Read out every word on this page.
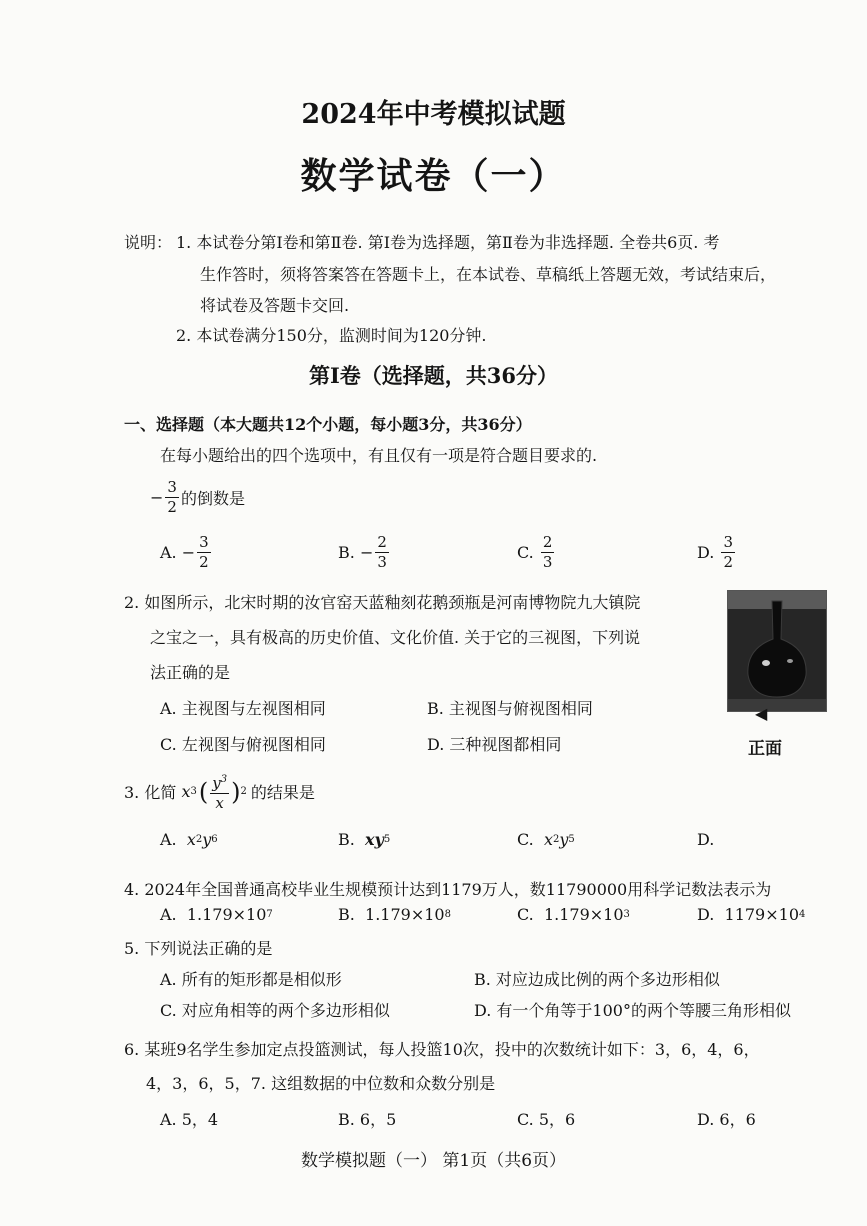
2024年中考模拟试题
数学试卷（一）
说明： 1. 本试卷分第Ⅰ卷和第Ⅱ卷. 第Ⅰ卷为选择题，第Ⅱ卷为非选择题. 全卷共6页. 考
生作答时，须将答案答在答题卡上，在本试卷、草稿纸上答题无效，考试结束后，
将试卷及答题卡交回.
2. 本试卷满分150分，监测时间为120分钟.
第Ⅰ卷（选择题，共36分）
一、选择题（本大题共12个小题，每小题3分，共36分）
在每小题给出的四个选项中，有且仅有一项是符合题目要求的.
− $\frac{3}{2}$ 的倒数是
A.
− $\frac{3}{2}$	B.
− $\frac{2}{3}$	C.
$\frac{2}{3}$	D.
$\frac{3}{2}$
2. 如图所示，北宋时期的汝官窑天蓝釉刻花鹅颈瓶是河南博物院九大镇院
之宝之一，具有极高的历史价值、文化价值. 关于它的三视图，下列说
法正确的是
A. 主视图与左视图相同	B. 主视图与俯视图相同
C. 左视图与俯视图相同	D. 三种视图都相同
◀
正面
3. 化简
x 3 ( $\frac{y^3}{x}$ ) 2 的结果是
A.
x 2 y 6	B.
xy 5	C.
x 2 y 5	D.
4. 2024年全国普通高校毕业生规模预计达到1179万人，数11790000用科学记数法表示为
A.
1.179×10 7	B.
1.179×10 8	C.
1.179×10 3	D.
1179×10 4
5. 下列说法正确的是
A. 所有的矩形都是相似形	B. 对应边成比例的两个多边形相似
C. 对应角相等的两个多边形相似	D. 有一个角等于100°的两个等腰三角形相似
6. 某班9名学生参加定点投篮测试，每人投篮10次，投中的次数统计如下：3，6，4，6，
4，3，6，5，7. 这组数据的中位数和众数分别是
A. 5，4	B. 6，5	C. 5，6	D. 6，6
数学模拟题（一） 第1页（共6页）
